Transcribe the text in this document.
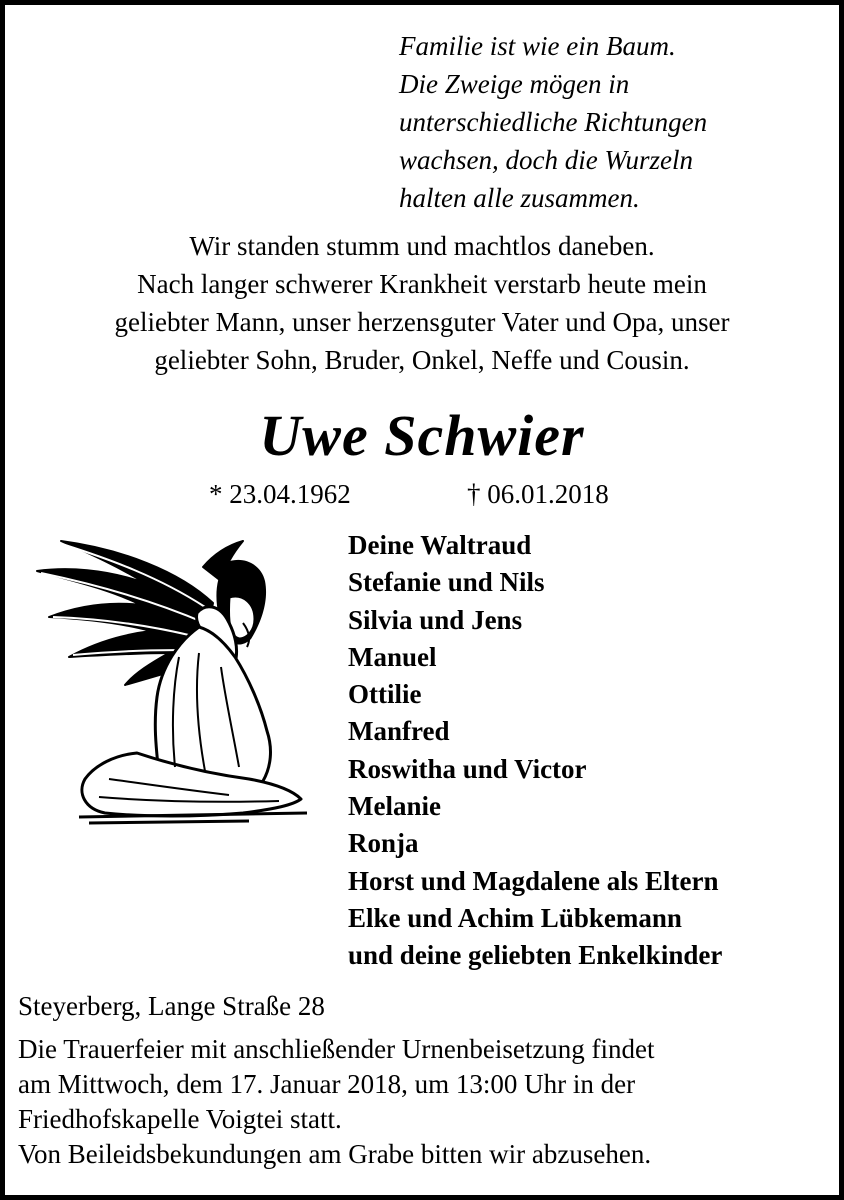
Familie ist wie ein Baum.
Die Zweige mögen in
unterschiedliche Richtungen
wachsen, doch die Wurzeln
halten alle zusammen.
Wir standen stumm und machtlos daneben.
Nach langer schwerer Krankheit verstarb heute mein
geliebter Mann, unser herzensguter Vater und Opa, unser
geliebter Sohn, Bruder, Onkel, Neffe und Cousin.
Uwe Schwier
* 23.04.1962	† 06.01.2018
Deine Waltraud
Stefanie und Nils
Silvia und Jens
Manuel
Ottilie
Manfred
Roswitha und Victor
Melanie
Ronja
Horst und Magdalene als Eltern
Elke und Achim Lübkemann
und deine geliebten Enkelkinder
Steyerberg, Lange Straße 28
Die Trauerfeier mit anschließender Urnenbeisetzung findet
am Mittwoch, dem 17. Januar 2018, um 13:00 Uhr in der
Friedhofskapelle Voigtei statt.
Von Beileidsbekundungen am Grabe bitten wir abzusehen.
